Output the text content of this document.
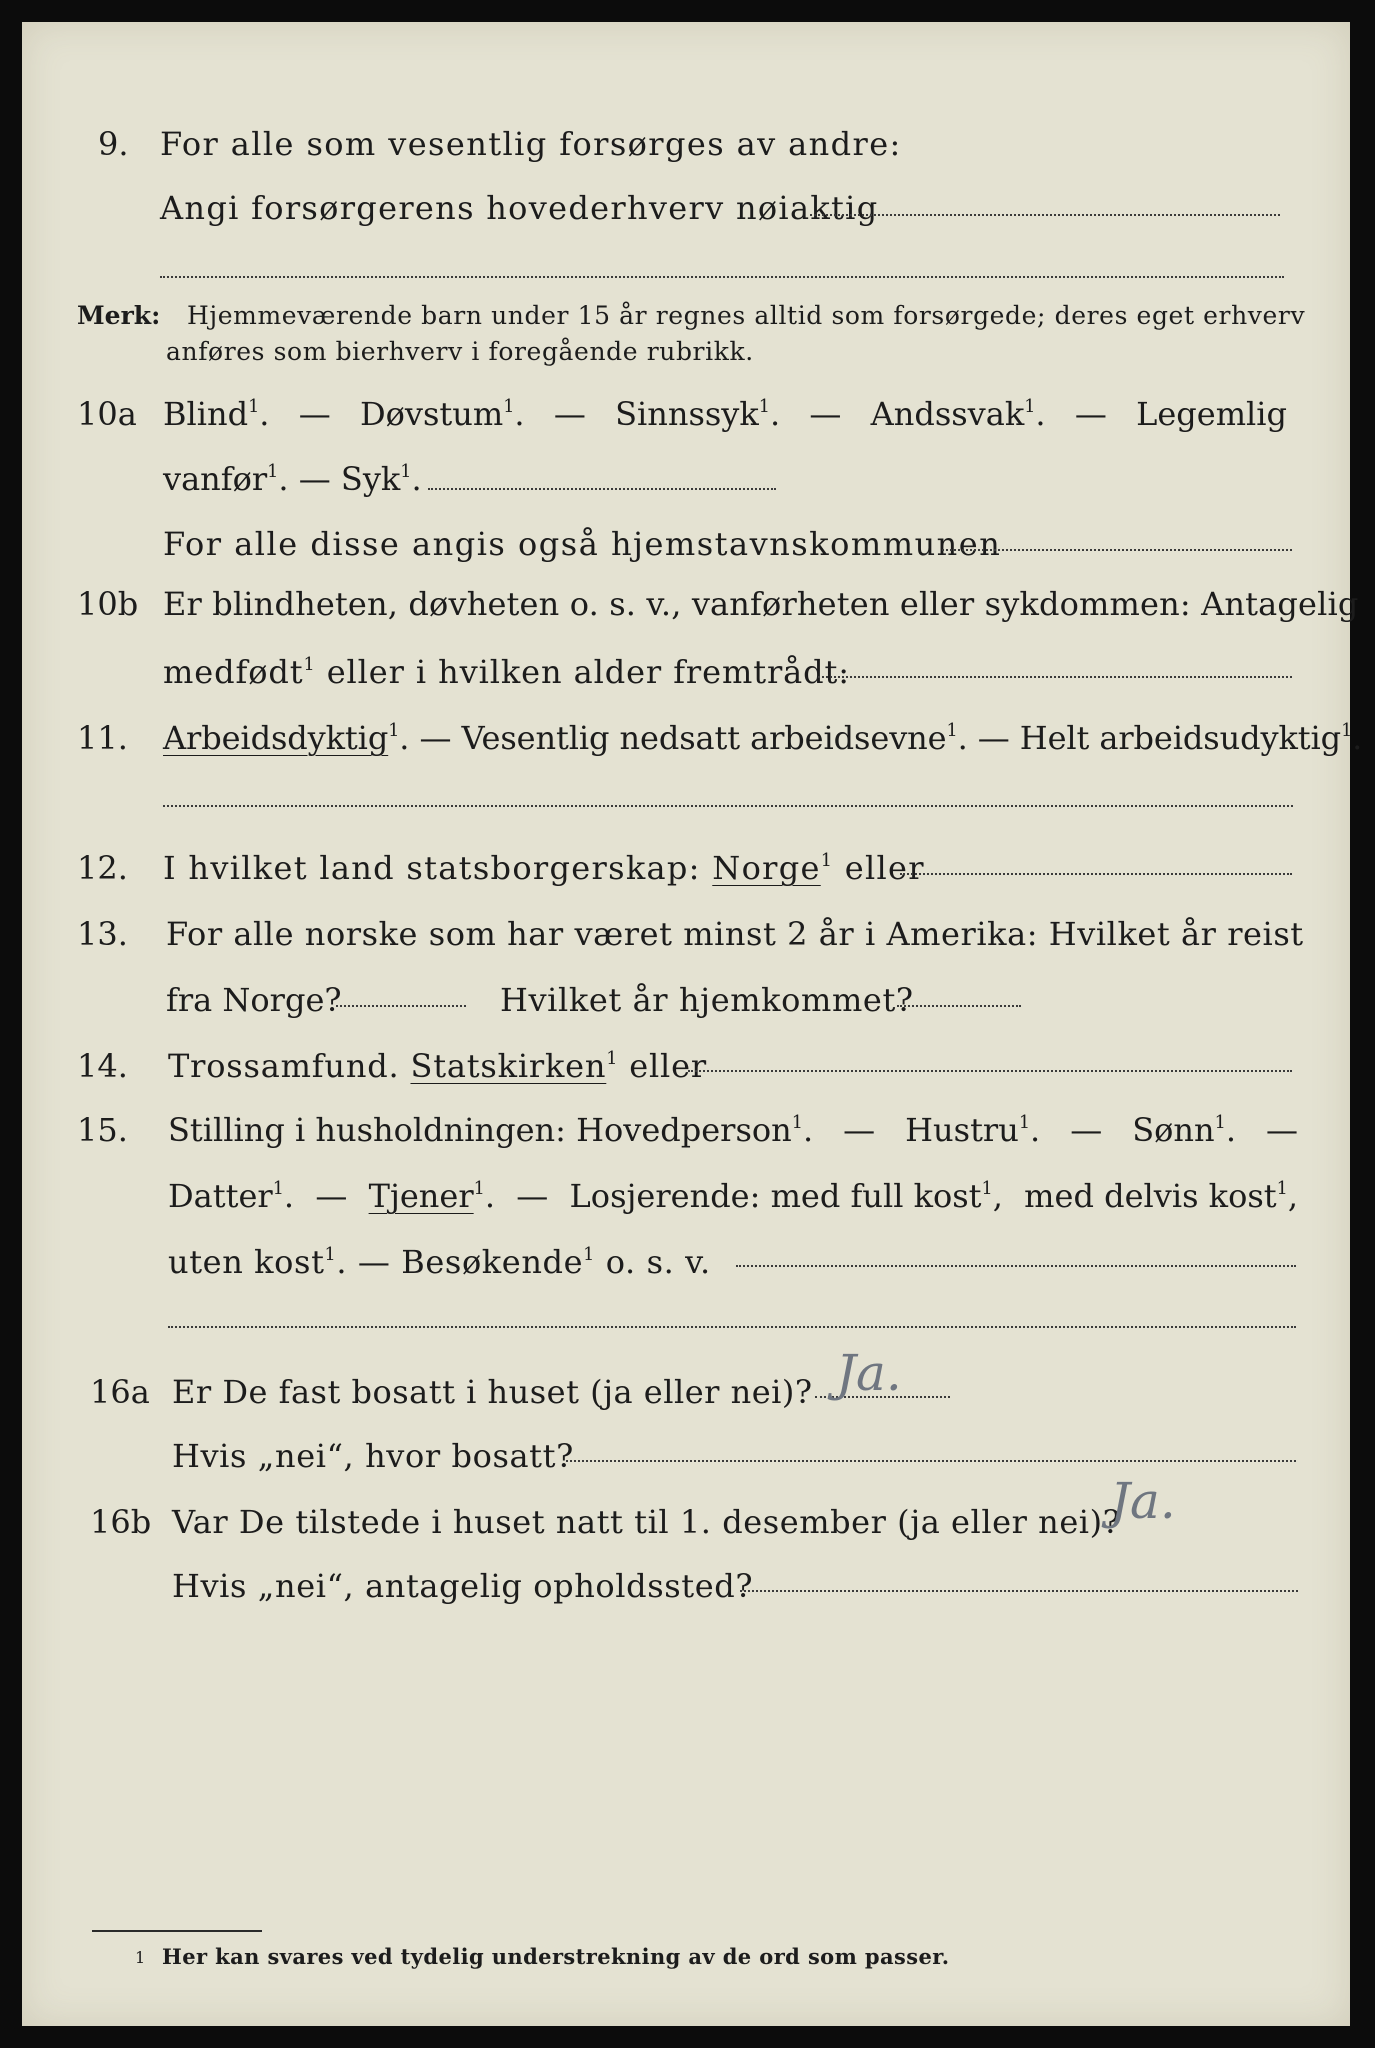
9. For alle som vesentlig forsørges av andre:
Angi forsørgerens hovederhverv nøiaktig
Merk: Hjemmeværende barn under 15 år regnes alltid som forsørgede; deres eget erhverv
anføres som bierhverv i foregående rubrikk.
10a Blind$^1$. — Døvstum$^1$. — Sinnssyk$^1$. — Andssvak$^1$. — Legemlig
vanfør$^1$. — Syk$^1$.
For alle disse angis også hjemstavnskommunen
10b Er blindheten, døvheten o. s. v., vanførheten eller sykdommen: Antagelig
medfødt$^1$ eller i hvilken alder fremtrådt:
11. Arbeidsdyktig$^1$. — Vesentlig nedsatt arbeidsevne$^1$. — Helt arbeidsudyktig$^1$.
12. I hvilket land statsborgerskap: Norge$^1$ eller
13. For alle norske som har været minst 2 år i Amerika: Hvilket år reist
fra Norge?	Hvilket år hjemkommet?
14. Trossamfund. Statskirken$^1$ eller
15. Stilling i husholdningen: Hovedperson$^1$. — Hustru$^1$. — Sønn$^1$. —
Datter$^1$. — Tjener$^1$. — Losjerende: med full kost$^1$, med delvis kost$^1$,
uten kost$^1$. — Besøkende$^1$ o. s. v.
16a Er De fast bosatt i huset (ja eller nei)? Ja.
Hvis „nei“, hvor bosatt?
16b Var De tilstede i huset natt til 1. desember (ja eller nei)?
Ja.
Hvis „nei“, antagelig opholdssted?
1 Her kan svares ved tydelig understrekning av de ord som passer.
